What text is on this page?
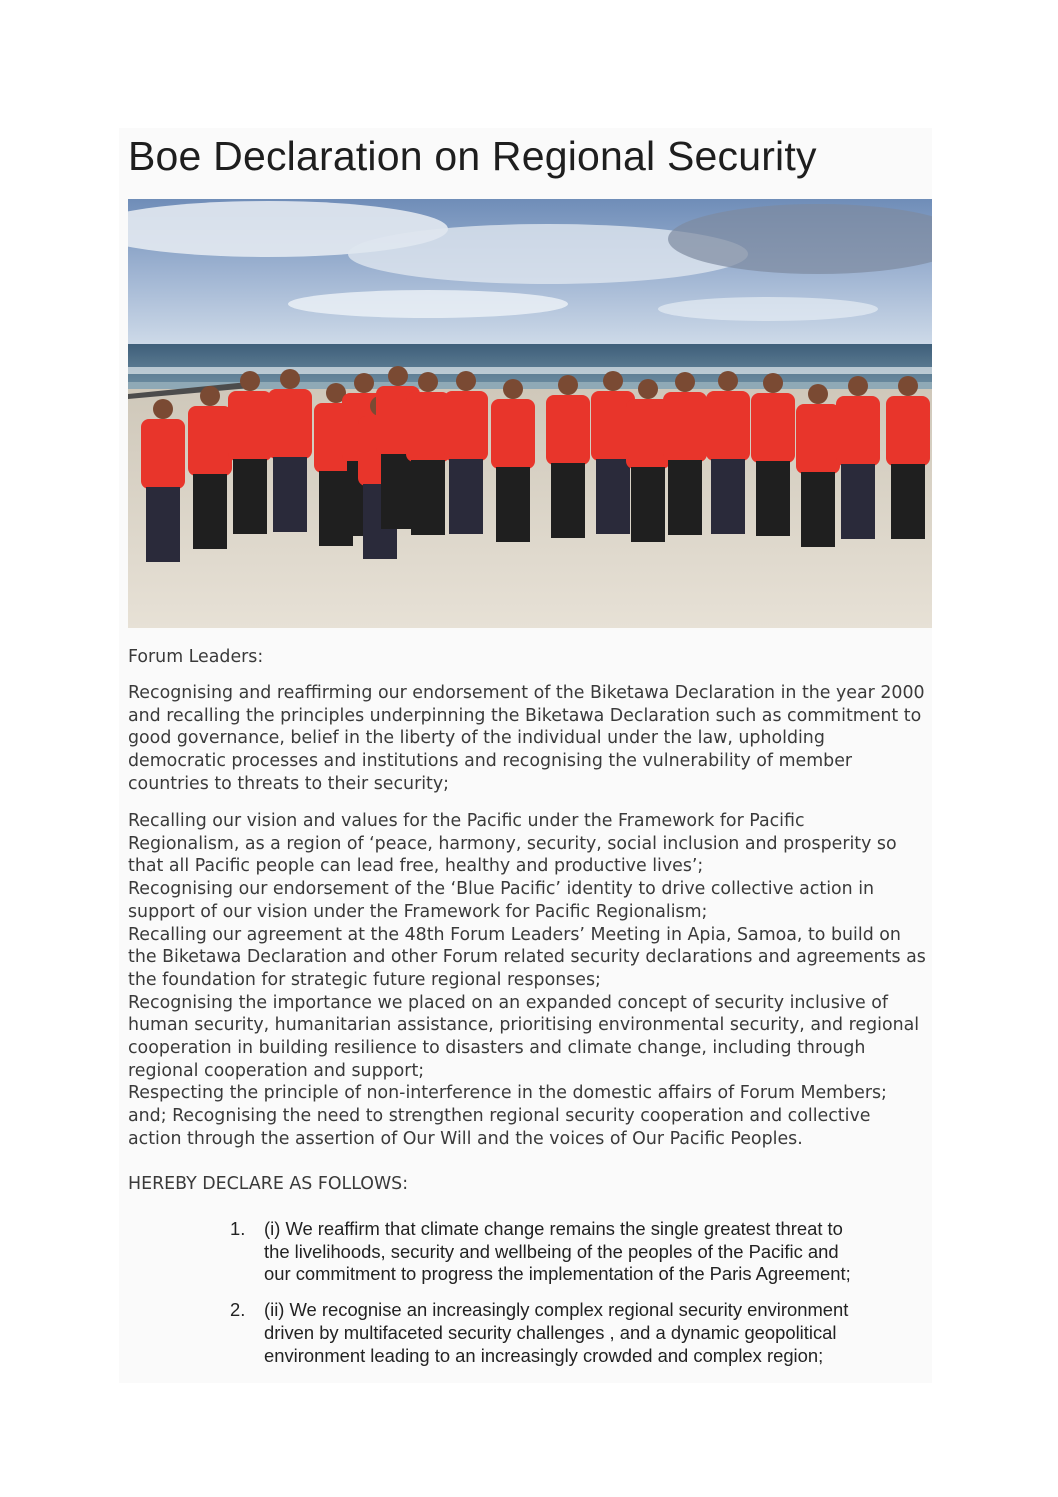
Boe Declaration on Regional Security
Forum Leaders:
Recognising and reaffirming our endorsement of the Biketawa Declaration in the year 2000
and recalling the principles underpinning the Biketawa Declaration such as commitment to
good governance, belief in the liberty of the individual under the law, upholding
democratic processes and institutions and recognising the vulnerability of member
countries to threats to their security;
Recalling our vision and values for the Pacific under the Framework for Pacific
Regionalism, as a region of ‘peace, harmony, security, social inclusion and prosperity so
that all Pacific people can lead free, healthy and productive lives’;
Recognising our endorsement of the ‘Blue Pacific’ identity to drive collective action in
support of our vision under the Framework for Pacific Regionalism;
Recalling our agreement at the 48th Forum Leaders’ Meeting in Apia, Samoa, to build on
the Biketawa Declaration and other Forum related security declarations and agreements as
the foundation for strategic future regional responses;
Recognising the importance we placed on an expanded concept of security inclusive of
human security, humanitarian assistance, prioritising environmental security, and regional
cooperation in building resilience to disasters and climate change, including through
regional cooperation and support;
Respecting the principle of non-interference in the domestic affairs of Forum Members;
and; Recognising the need to strengthen regional security cooperation and collective
action through the assertion of Our Will and the voices of Our Pacific Peoples.
HEREBY DECLARE AS FOLLOWS:
1. (i) We reaffirm that climate change remains the single greatest threat to
the livelihoods, security and wellbeing of the peoples of the Pacific and
our commitment to progress the implementation of the Paris Agreement;
2. (ii) We recognise an increasingly complex regional security environment
driven by multifaceted security challenges , and a dynamic geopolitical
environment leading to an increasingly crowded and complex region;
